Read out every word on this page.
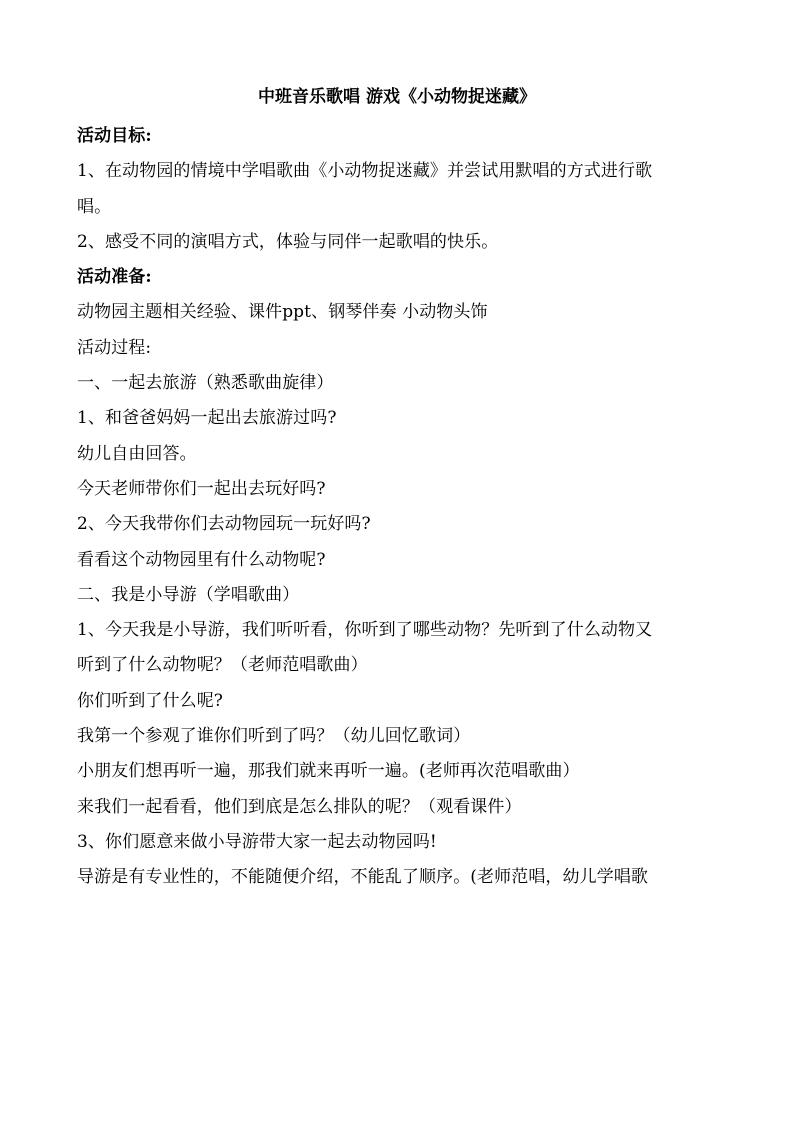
中班音乐歌唱 游戏《小动物捉迷藏》
活动目标:
1、在动物园的情境中学唱歌曲《小动物捉迷藏》并尝试用默唱的方式进行歌
唱。
2、感受不同的演唱方式，体验与同伴一起歌唱的快乐。
活动准备:
动物园主题相关经验、课件ppt、钢琴伴奏 小动物头饰
活动过程:
一、一起去旅游（熟悉歌曲旋律）
1、和爸爸妈妈一起出去旅游过吗?
幼儿自由回答。
今天老师带你们一起出去玩好吗?
2、今天我带你们去动物园玩一玩好吗?
看看这个动物园里有什么动物呢?
二、我是小导游（学唱歌曲）
1、今天我是小导游，我们听听看，你听到了哪些动物？先听到了什么动物又
听到了什么动物呢？（老师范唱歌曲）
你们听到了什么呢?
我第一个参观了谁你们听到了吗？（幼儿回忆歌词）
小朋友们想再听一遍，那我们就来再听一遍。(老师再次范唱歌曲）
来我们一起看看，他们到底是怎么排队的呢？（观看课件）
3、你们愿意来做小导游带大家一起去动物园吗!
导游是有专业性的，不能随便介绍，不能乱了顺序。(老师范唱，幼儿学唱歌
